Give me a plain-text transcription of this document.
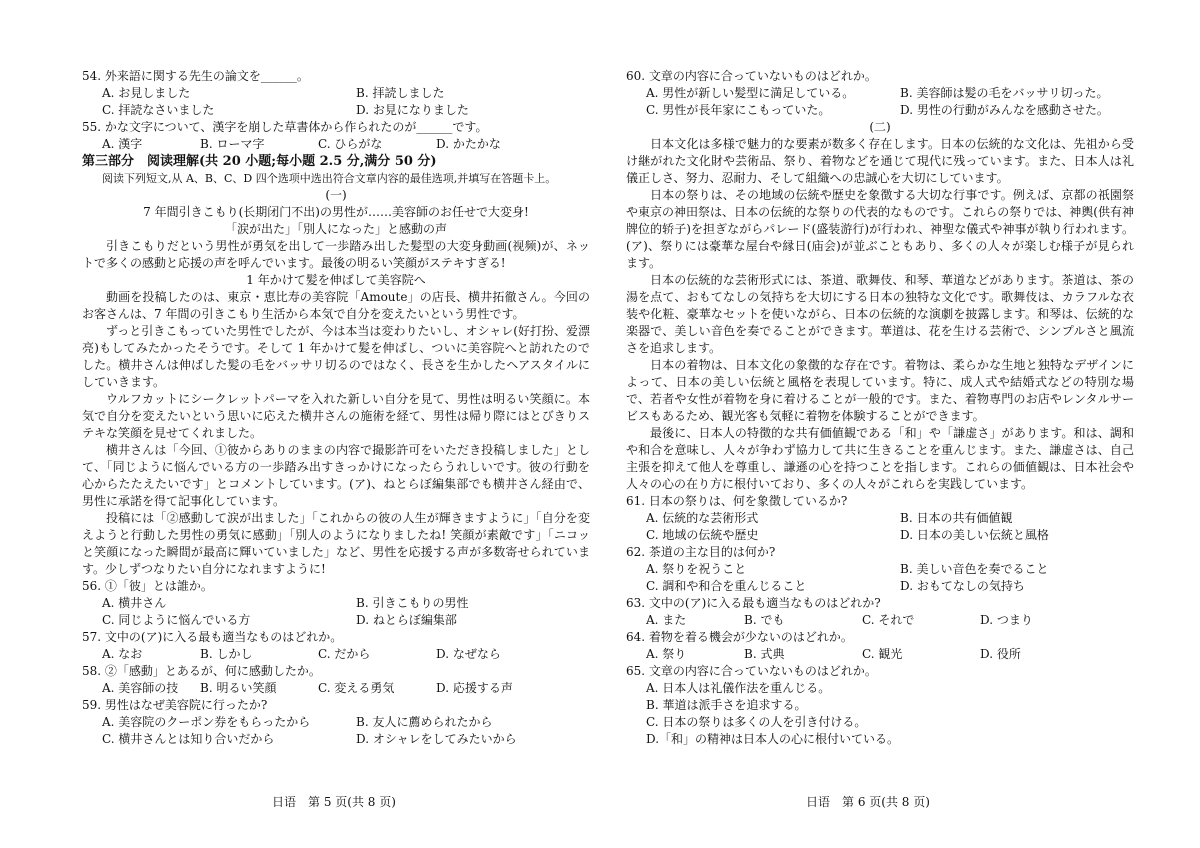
54. 外来語に関する先生の論文を______。
A. お見しました	B. 拝読しました
C. 拝読なさいました	D. お見になりました
55. かな文字について、漢字を崩した草書体から作られたのが______です。
A. 漢字	B. ローマ字	C. ひらがな	D. かたかな
第三部分　阅读理解(共 20 小题;每小题 2.5 分,满分 50 分)
阅读下列短文,从 A、B、C、D 四个选项中选出符合文章内容的最佳选项,并填写在答题卡上。
(一)
7 年間引きこもり(长期闭门不出)の男性が……美容師のお任せで大変身!
「涙が出た」「別人になった」と感動の声
引きこもりだという男性が勇気を出して一歩踏み出した髪型の大変身動画(视频)が、ネットで多くの感動と応援の声を呼んでいます。最後の明るい笑顔がステキすぎる!
1 年かけて髪を伸ばして美容院へ
動画を投稿したのは、東京・恵比寿の美容院「Amoute」の店長、横井拓徹さん。今回のお客さんは、7 年間の引きこもり生活から本気で自分を変えたいという男性です。
ずっと引きこもっていた男性でしたが、今は本当は変わりたいし、オシャレ(好打扮、爱漂亮)もしてみたかったそうです。そして 1 年かけて髪を伸ばし、ついに美容院へと訪れたのでした。横井さんは伸ばした髪の毛をバッサリ切るのではなく、長さを生かしたヘアスタイルにしていきます。
ウルフカットにシークレットパーマを入れた新しい自分を見て、男性は明るい笑顔に。本気で自分を変えたいという思いに応えた横井さんの施術を経て、男性は帰り際にはとびきりステキな笑顔を見せてくれました。
横井さんは「今回、①彼からありのままの内容で撮影許可をいただき投稿しました」として、「同じように悩んでいる方の一歩踏み出すきっかけになったらうれしいです。彼の行動を心からたたえたいです」とコメントしています。(ア)、ねとらぼ編集部でも横井さん経由で、男性に承諾を得て記事化しています。
投稿には「②感動して涙が出ました」「これからの彼の人生が輝きますように」「自分を変えようと行動した男性の勇気に感動」「別人のようになりましたね! 笑顔が素敵です」「ニコッと笑顔になった瞬間が最高に輝いていました」など、男性を応援する声が多数寄せられています。少しずつなりたい自分になれますように!
56. ①「彼」とは誰か。
A. 横井さん	B. 引きこもりの男性
C. 同じように悩んでいる方	D. ねとらぼ編集部
57. 文中の(ア)に入る最も適当なものはどれか。
A. なお	B. しかし	C. だから	D. なぜなら
58. ②「感動」とあるが、何に感動したか。
A. 美容師の技	B. 明るい笑顔	C. 変える勇気	D. 応援する声
59. 男性はなぜ美容院に行ったか?
A. 美容院のクーポン券をもらったから	B. 友人に薦められたから
C. 横井さんとは知り合いだから	D. オシャレをしてみたいから
日语　第 5 页(共 8 页)
60. 文章の内容に合っていないものはどれか。
A. 男性が新しい髪型に満足している。	B. 美容師は髪の毛をバッサリ切った。
C. 男性が長年家にこもっていた。	D. 男性の行動がみんなを感動させた。
(二)
日本文化は多様で魅力的な要素が数多く存在します。日本の伝統的な文化は、先祖から受け継がれた文化財や芸術品、祭り、着物などを通じて現代に残っています。また、日本人は礼儀正しさ、努力、忍耐力、そして組織への忠誠心を大切にしています。
日本の祭りは、その地域の伝統や歴史を象徴する大切な行事です。例えば、京都の祇園祭や東京の神田祭は、日本の伝統的な祭りの代表的なものです。これらの祭りでは、神輿(供有神牌位的轿子)を担ぎながらパレード(盛装游行)が行われ、神聖な儀式や神事が執り行われます。(ア)、祭りには豪華な屋台や縁日(庙会)が並ぶこともあり、多くの人々が楽しむ様子が見られます。
日本の伝統的な芸術形式には、茶道、歌舞伎、和琴、華道などがあります。茶道は、茶の湯を点て、おもてなしの気持ちを大切にする日本の独特な文化です。歌舞伎は、カラフルな衣装や化粧、豪華なセットを使いながら、日本の伝統的な演劇を披露します。和琴は、伝統的な楽器で、美しい音色を奏でることができます。華道は、花を生ける芸術で、シンプルさと風流さを追求します。
日本の着物は、日本文化の象徴的な存在です。着物は、柔らかな生地と独特なデザインによって、日本の美しい伝統と風格を表現しています。特に、成人式や結婚式などの特別な場で、若者や女性が着物を身に着けることが一般的です。また、着物専門のお店やレンタルサービスもあるため、観光客も気軽に着物を体験することができます。
最後に、日本人の特徴的な共有価値観である「和」や「謙虚さ」があります。和は、調和や和合を意味し、人々が争わず協力して共に生きることを重んじます。また、謙虚さは、自己主張を抑えて他人を尊重し、謙遜の心を持つことを指します。これらの価値観は、日本社会や人々の心の在り方に根付いており、多くの人々がこれらを実践しています。
61. 日本の祭りは、何を象徴しているか?
A. 伝統的な芸術形式	B. 日本の共有価値観
C. 地域の伝統や歴史	D. 日本の美しい伝統と風格
62. 茶道の主な目的は何か?
A. 祭りを祝うこと	B. 美しい音色を奏でること
C. 調和や和合を重んじること	D. おもてなしの気持ち
63. 文中の(ア)に入る最も適当なものはどれか?
A. また	B. でも	C. それで	D. つまり
64. 着物を着る機会が少ないのはどれか。
A. 祭り	B. 式典	C. 観光	D. 役所
65. 文章の内容に合っていないものはどれか。
A. 日本人は礼儀作法を重んじる。
B. 華道は派手さを追求する。
C. 日本の祭りは多くの人を引き付ける。
D.「和」の精神は日本人の心に根付いている。
日语　第 6 页(共 8 页)
